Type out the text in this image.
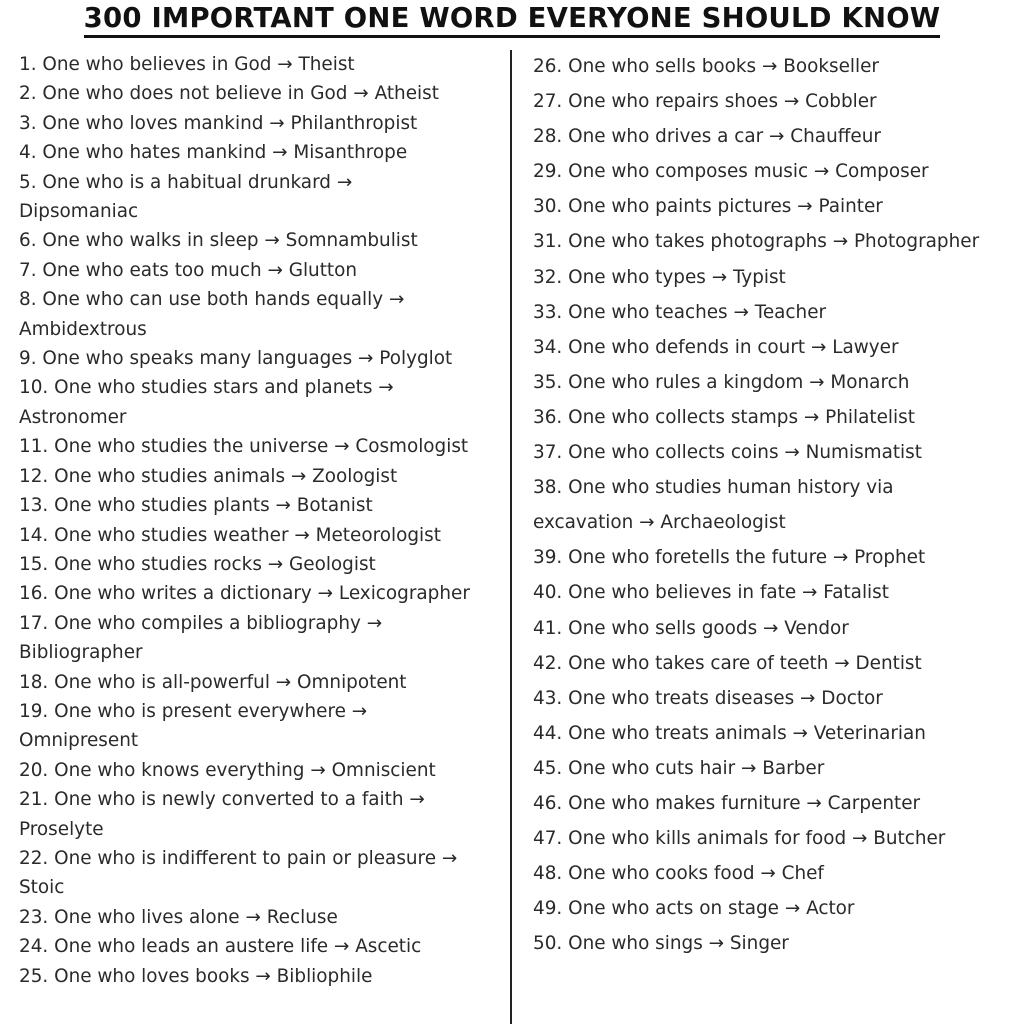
300 IMPORTANT ONE WORD EVERYONE SHOULD KNOW
1. One who believes in God → Theist
2. One who does not believe in God → Atheist
3. One who loves mankind → Philanthropist
4. One who hates mankind → Misanthrope
5. One who is a habitual drunkard →
Dipsomaniac
6. One who walks in sleep → Somnambulist
7. One who eats too much → Glutton
8. One who can use both hands equally →
Ambidextrous
9. One who speaks many languages → Polyglot
10. One who studies stars and planets →
Astronomer
11. One who studies the universe → Cosmologist
12. One who studies animals → Zoologist
13. One who studies plants → Botanist
14. One who studies weather → Meteorologist
15. One who studies rocks → Geologist
16. One who writes a dictionary → Lexicographer
17. One who compiles a bibliography →
Bibliographer
18. One who is all-powerful → Omnipotent
19. One who is present everywhere →
Omnipresent
20. One who knows everything → Omniscient
21. One who is newly converted to a faith →
Proselyte
22. One who is indifferent to pain or pleasure →
Stoic
23. One who lives alone → Recluse
24. One who leads an austere life → Ascetic
25. One who loves books → Bibliophile
26. One who sells books → Bookseller
27. One who repairs shoes → Cobbler
28. One who drives a car → Chauffeur
29. One who composes music → Composer
30. One who paints pictures → Painter
31. One who takes photographs → Photographer
32. One who types → Typist
33. One who teaches → Teacher
34. One who defends in court → Lawyer
35. One who rules a kingdom → Monarch
36. One who collects stamps → Philatelist
37. One who collects coins → Numismatist
38. One who studies human history via
excavation → Archaeologist
39. One who foretells the future → Prophet
40. One who believes in fate → Fatalist
41. One who sells goods → Vendor
42. One who takes care of teeth → Dentist
43. One who treats diseases → Doctor
44. One who treats animals → Veterinarian
45. One who cuts hair → Barber
46. One who makes furniture → Carpenter
47. One who kills animals for food → Butcher
48. One who cooks food → Chef
49. One who acts on stage → Actor
50. One who sings → Singer
